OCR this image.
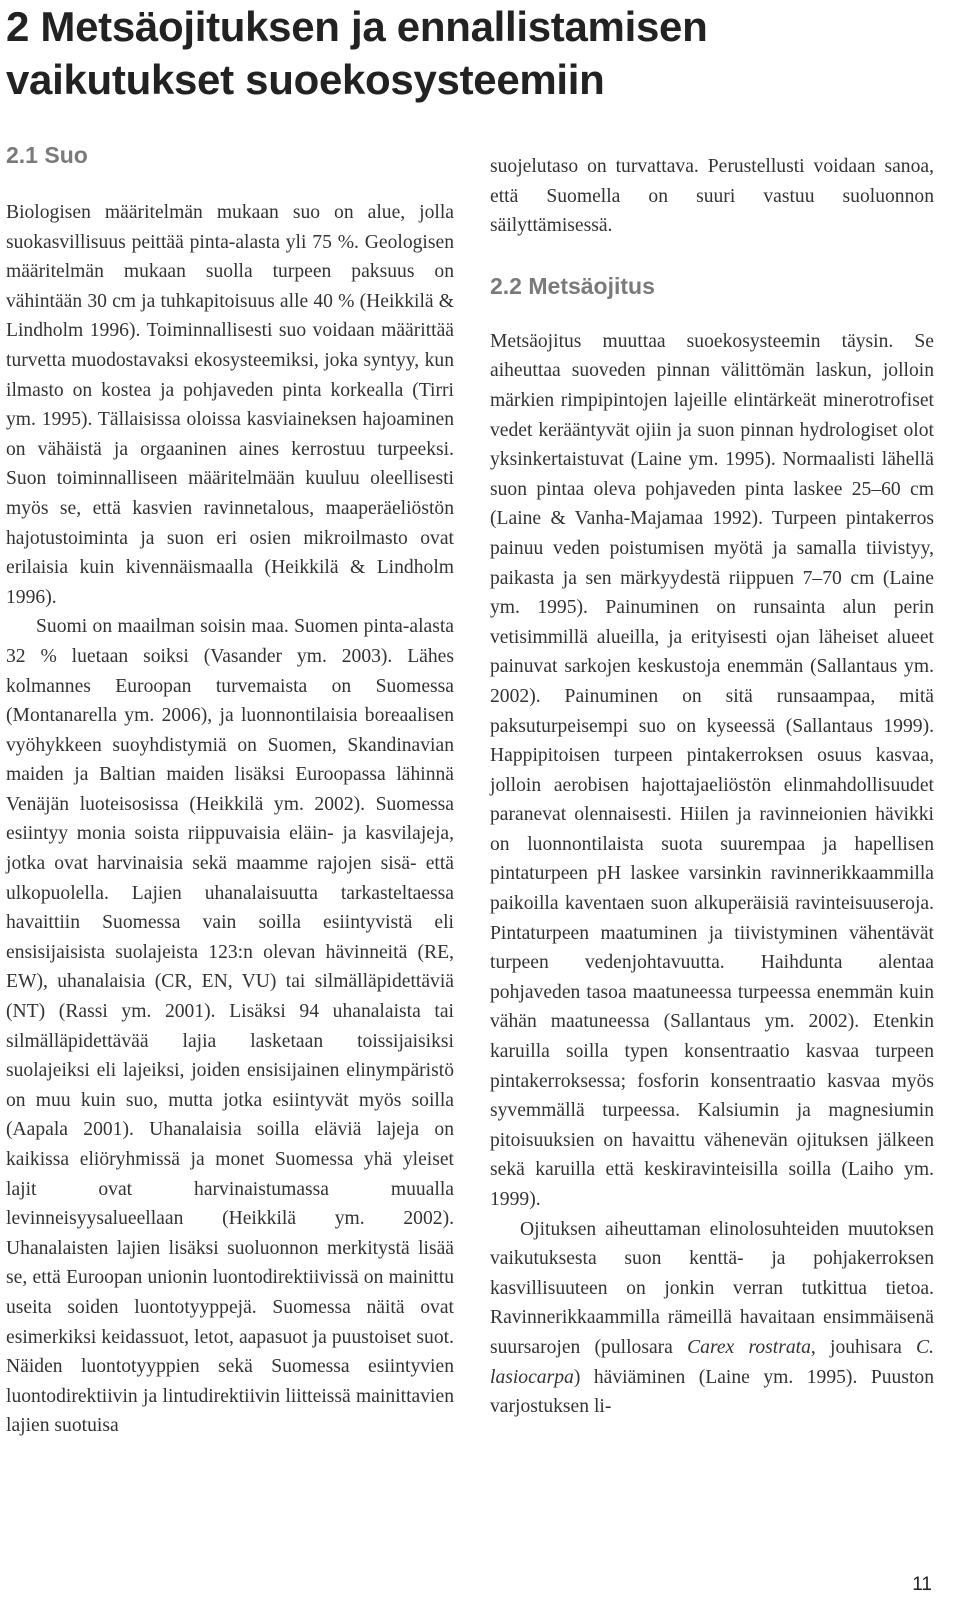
2 Metsäojituksen ja ennallistamisen vaikutukset suoekosysteemiin
2.1 Suo

Biologisen määritelmän mukaan suo on alue, jolla suokasvillisuus peittää pinta-alasta yli 75 %. Geologisen määritelmän mukaan suolla turpeen paksuus on vähintään 30 cm ja tuhkapitoisuus alle 40 % (Heikkilä & Lindholm 1996). Toiminnallisesti suo voidaan määrittää turvetta muodostavaksi ekosysteemiksi, joka syntyy, kun ilmasto on kostea ja pohjaveden pinta korkealla (Tirri ym. 1995). Tällaisissa oloissa kasviaineksen hajoaminen on vähäistä ja orgaaninen aines kerrostuu turpeeksi. Suon toiminnalliseen määritelmään kuuluu oleellisesti myös se, että kasvien ravinnetalous, maaperäeliöstön hajotustoiminta ja suon eri osien mikroilmasto ovat erilaisia kuin kivennäismaalla (Heikkilä & Lindholm 1996).

Suomi on maailman soisin maa. Suomen pinta-alasta 32 % luetaan soiksi (Vasander ym. 2003). Lähes kolmannes Euroopan turvemaista on Suomessa (Montanarella ym. 2006), ja luonnontilaisia boreaalisen vyöhykkeen suoyhdistymiä on Suomen, Skandinavian maiden ja Baltian maiden lisäksi Euroopassa lähinnä Venäjän luoteisosissa (Heikkilä ym. 2002). Suomessa esiintyy monia soista riippuvaisia eläin- ja kasvilajeja, jotka ovat harvinaisia sekä maamme rajojen sisä- että ulkopuolella. Lajien uhanalaisuutta tarkasteltaessa havaittiin Suomessa vain soilla esiintyvistä eli ensisijaisista suolajeista 123:n olevan hävinneitä (RE, EW), uhanalaisia (CR, EN, VU) tai silmälläpidettäviä (NT) (Rassi ym. 2001). Lisäksi 94 uhanalaista tai silmälläpidettävää lajia lasketaan toissijaisiksi suolajeiksi eli lajeiksi, joiden ensisijainen elinympäristö on muu kuin suo, mutta jotka esiintyvät myös soilla (Aapala 2001). Uhanalaisia soilla eläviä lajeja on kaikissa eliöryhmissä ja monet Suomessa yhä yleiset lajit ovat harvinaistumassa muualla levinneisyysalueellaan (Heikkilä ym. 2002). Uhanalaisten lajien lisäksi suoluonnon merkitystä lisää se, että Euroopan unionin luontodirektiivissä on mainittu useita soiden luontotyyppejä. Suomessa näitä ovat esimerkiksi keidassuot, letot, aapasuot ja puustoiset suot. Näiden luontotyyppien sekä Suomessa esiintyvien luontodirektiivin ja lintudirektiivin liitteissä mainittavien lajien suotuisa

suojelutaso on turvattava. Perustellusti voidaan sanoa, että Suomella on suuri vastuu suoluonnon säilyttämisessä.

2.2 Metsäojitus

Metsäojitus muuttaa suoekosysteemin täysin. Se aiheuttaa suoveden pinnan välittömän laskun, jolloin märkien rimpipintojen lajeille elintärkeät minerotrofiset vedet kerääntyvät ojiin ja suon pinnan hydrologiset olot yksinkertaistuvat (Laine ym. 1995). Normaalisti lähellä suon pintaa oleva pohjaveden pinta laskee 25–60 cm (Laine & Vanha-Majamaa 1992). Turpeen pintakerros painuu veden poistumisen myötä ja samalla tiivistyy, paikasta ja sen märkyydestä riippuen 7–70 cm (Laine ym. 1995). Painuminen on runsainta alun perin vetisimmillä alueilla, ja erityisesti ojan läheiset alueet painuvat sarkojen keskustoja enemmän (Sallantaus ym. 2002). Painuminen on sitä runsaampaa, mitä paksuturpeisempi suo on kyseessä (Sallantaus 1999). Happipitoisen turpeen pintakerroksen osuus kasvaa, jolloin aerobisen hajottajaeliöstön elinmahdollisuudet paranevat olennaisesti. Hiilen ja ravinneionien hävikki on luonnontilaista suota suurempaa ja hapellisen pintaturpeen pH laskee varsinkin ravinnerikkaammilla paikoilla kaventaen suon alkuperäisiä ravinteisuuseroja. Pintaturpeen maatuminen ja tiivistyminen vähentävät turpeen vedenjohtavuutta. Haihdunta alentaa pohjaveden tasoa maatuneessa turpeessa enemmän kuin vähän maatuneessa (Sallantaus ym. 2002). Etenkin karuilla soilla typen konsentraatio kasvaa turpeen pintakerroksessa; fosforin konsentraatio kasvaa myös syvemmällä turpeessa. Kalsiumin ja magnesiumin pitoisuuksien on havaittu vähenevän ojituksen jälkeen sekä karuilla että keskiravinteisilla soilla (Laiho ym. 1999).

Ojituksen aiheuttaman elinolosuhteiden muutoksen vaikutuksesta suon kenttä- ja pohjakerroksen kasvillisuuteen on jonkin verran tutkittua tietoa. Ravinnerikkaammilla rämeillä havaitaan ensimmäisenä suursarojen (pullosara Carex rostrata, jouhisara C. lasiocarpa) häviäminen (Laine ym. 1995). Puuston varjostuksen li-

11
